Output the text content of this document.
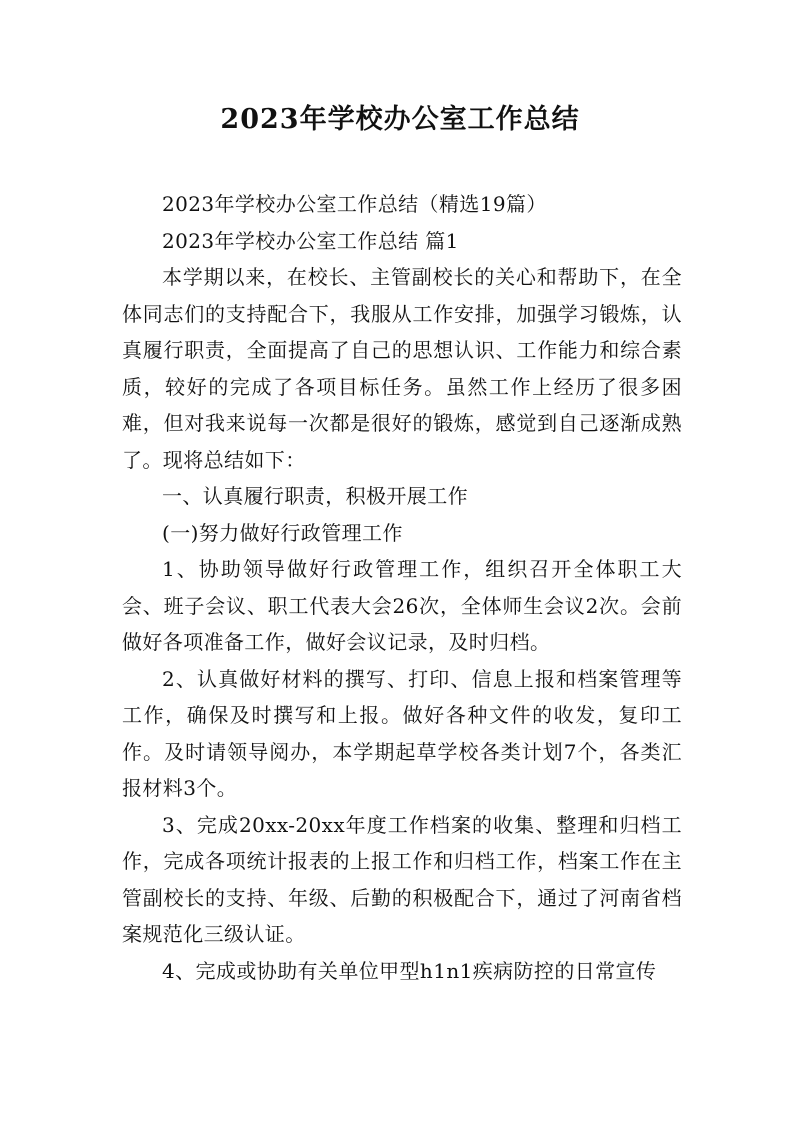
2023年学校办公室工作总结

2023年学校办公室工作总结（精选19篇）

2023年学校办公室工作总结 篇1

本学期以来，在校长、主管副校长的关心和帮助下，在全体同志们的支持配合下，我服从工作安排，加强学习锻炼，认真履行职责，全面提高了自己的思想认识、工作能力和综合素质，较好的完成了各项目标任务。虽然工作上经历了很多困难，但对我来说每一次都是很好的锻炼，感觉到自己逐渐成熟了。现将总结如下：

一、认真履行职责，积极开展工作

(一)努力做好行政管理工作

1、协助领导做好行政管理工作，组织召开全体职工大会、班子会议、职工代表大会26次，全体师生会议2次。会前做好各项准备工作，做好会议记录，及时归档。

2、认真做好材料的撰写、打印、信息上报和档案管理等工作，确保及时撰写和上报。做好各种文件的收发，复印工作。及时请领导阅办，本学期起草学校各类计划7个，各类汇报材料3个。

3、完成20xx-20xx年度工作档案的收集、整理和归档工作，完成各项统计报表的上报工作和归档工作，档案工作在主管副校长的支持、年级、后勤的积极配合下，通过了河南省档案规范化三级认证。

4、完成或协助有关单位甲型h1n1疾病防控的日常宣传
